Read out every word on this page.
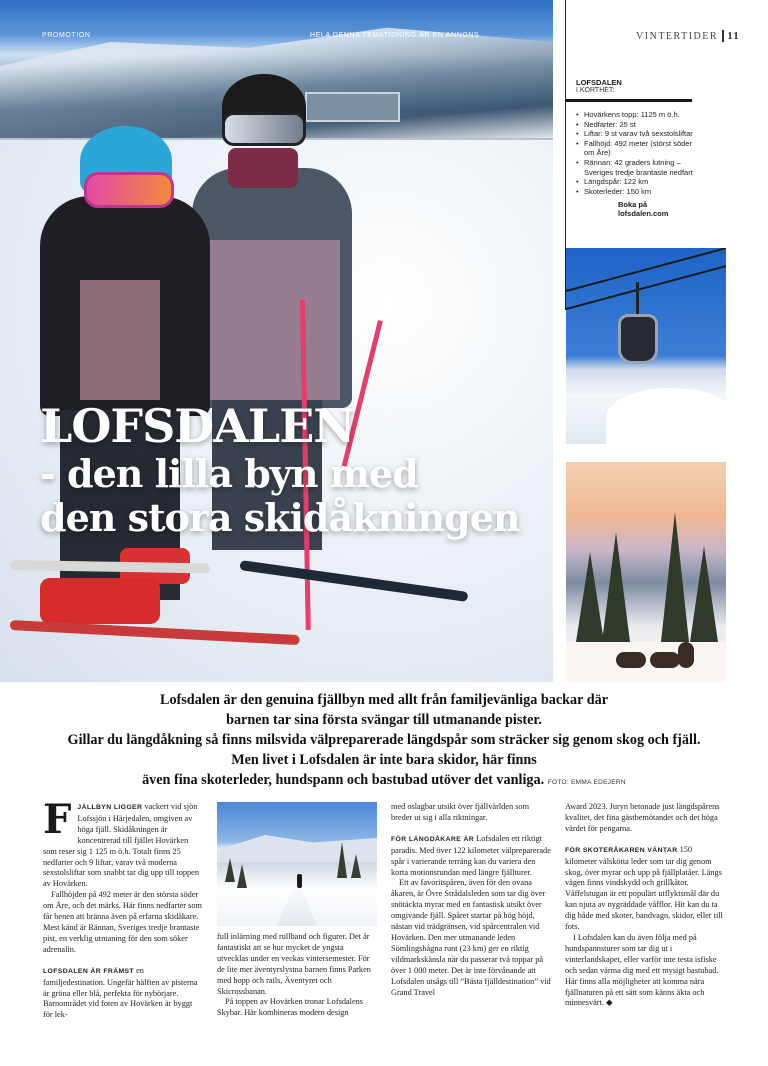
LOFSDALEN
- den lilla byn med
den stora skidåkningen
PROMOTION	HELA DENNA TEMATIDNING ÄR EN ANNONS	VINTERTIDER 11
LOFSDALEN
I KORTHET:
• Hovärkens topp: 1125 m ö.h.
• Nedfarter: 25 st
• Liftar: 9 st varav två sexstolsliftar
• Fallhöjd: 492 meter (störst söder om Åre)
• Rännan: 42 graders lutning – Sveriges tredje brantaste nedfart
• Längdspår: 122 km
• Skoterleder: 150 km
Boka på lofsdalen.com
Lofsdalen är den genuina fjällbyn med allt från familjevänliga backar där
barnen tar sina första svängar till utmanande pister.
Gillar du längdåkning så finns milsvida välpreparerade längdspår som sträcker sig genom skog och fjäll.
Men livet i Lofsdalen är inte bara skidor, här finns
även fina skoterleder, hundspann och bastubad utöver det vanliga. FOTO: EMMA EDEJERN

FJÄLLBYN LIGGER vackert vid sjön Lofssjön i Härjedalen, omgiven av höga fjäll. Skidåkningen är koncentrerad till fjället Hovärken som reser sig 1 125 m ö.h. Totalt finns 25 nedfarter och 9 liftar, varav två moderna sexstolsliftar som snabbt tar dig upp till toppen av Hovärken.

Fallhöjden på 492 meter är den största söder om Åre, och det märks. Här finns nedfarter som får benen att bränna även på erfarna skidåkare. Mest känd är Rännan, Sveriges tredje brantaste pist, en verklig utmaning för den som söker adrenalin.

LOFSDALEN ÄR FRÄMST en familjedestination. Ungefär hälften av pisterna är gröna eller blå, perfekta för nybörjare. Barnområdet vid foten av Hovärken är byggt för lek-

full inlärning med rullband och figurer. Det är fantastiskt att se hur mycket de yngsta utvecklas under en veckas vintersemester. För de lite mer äventyrslystna barnen finns Parken med hopp och rails, Äventyret och Skicrossbanan.

På toppen av Hovärken tronar Lofsdalens Skybar. Här kombineras modern design

med oslagbar utsikt över fjällvärlden som breder ut sig i alla riktningar.

FÖR LÄNGDÅKARE ÄR Lofsdalen ett riktigt paradis. Med över 122 kilometer välpreparerade spår i varierande terräng kan du variera den korta motionsrundan med längre fjällturer.

Ett av favoritspåren, även för den ovana åkaren, är Övre Strådalsleden som tar dig över snötäckta myrar med en fantastisk utsikt över omgivande fjäll. Spåret startar på hög höjd, nästan vid trädgränsen, vid spårcentralen vid Hovärken. Den mer utmanande leden Sömlingshågna runt (23 km) ger en riktig vildmarkskänsla när du passerar två toppar på över 1 000 meter. Det är inte förvånande att Lofsdalen utsågs till ”Bästa fjälldestination” vid Grand Travel

Award 2023. Juryn betonade just längdspårens kvalitet, det fina gästbemötandet och det höga värdet för pengarna.

FÖR SKOTERÅKAREN VÄNTAR 150 kilometer välskötta leder som tar dig genom skog, över myrar och upp på fjällplatåer. Längs vägen finns vindskydd och grillkåtor. Våffelstugan är ett populärt utflyktsmål där du kan njuta av nygräddade våfflor. Hit kan du ta dig både med skoter, bandvagn, skidor, eller till fots.

I Lofsdalen kan du även följa med på hundspannsturer som tar dig ut i vinterlandskapet, eller varför inte testa isfiske och sedan värma dig med ett mysigt bastubad. Här finns alla möjligheter att komma nära fjällnaturen på ett sätt som känns äkta och minnesvärt. ◆
